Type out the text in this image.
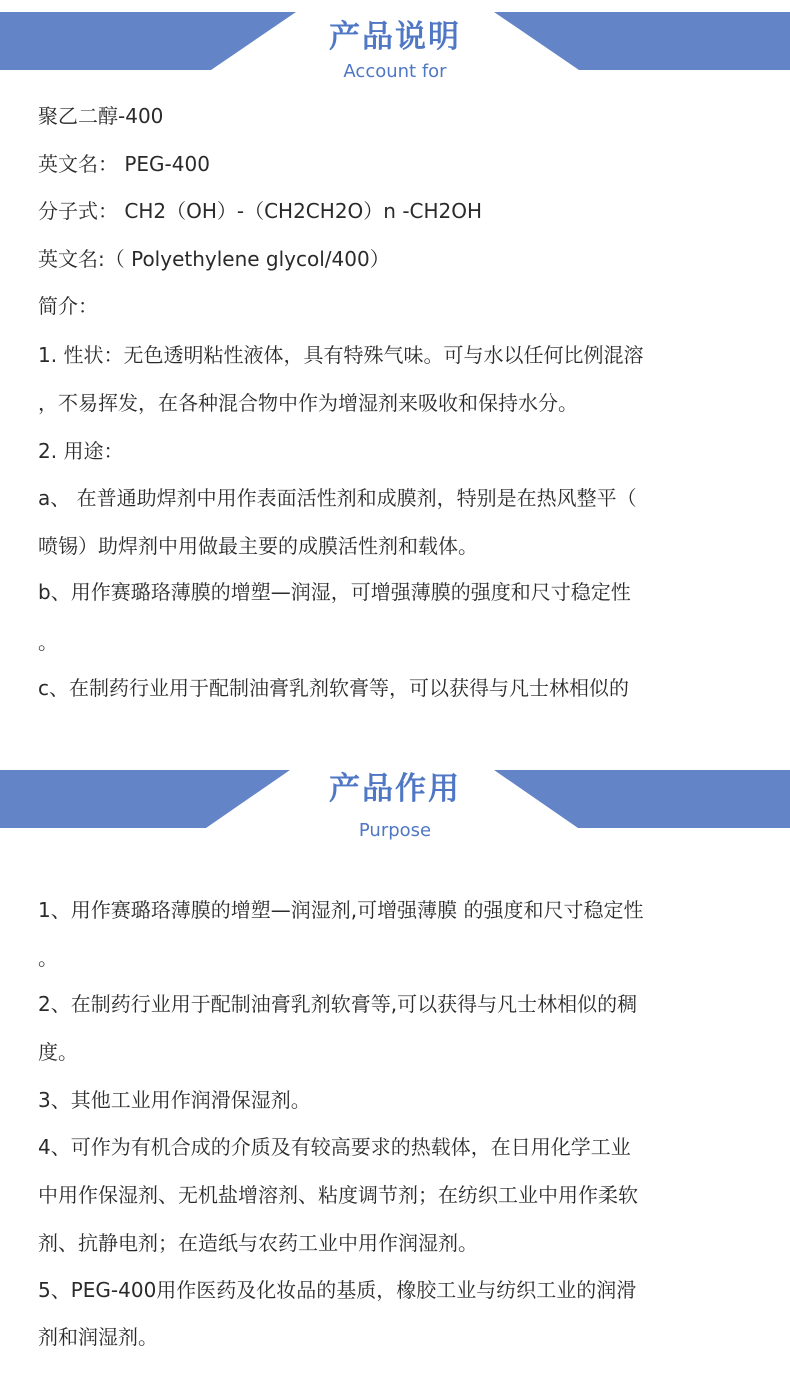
产品说明
Account for
聚乙二醇-400
英文名： PEG-400
分子式： CH2（OH）-（CH2CH2O）n -CH2OH
英文名:（ Polyethylene glycol/400）
简介：
1. 性状：无色透明粘性液体，具有特殊气味。可与水以任何比例混溶
，不易挥发，在各种混合物中作为增湿剂来吸收和保持水分。
2. 用途：
a、 在普通助焊剂中用作表面活性剂和成膜剂，特别是在热风整平（
喷锡）助焊剂中用做最主要的成膜活性剂和载体。
b、用作赛璐珞薄膜的增塑—润湿，可增强薄膜的强度和尺寸稳定性
。
c、在制药行业用于配制油膏乳剂软膏等，可以获得与凡士林相似的
产品作用
Purpose
1、用作赛璐珞薄膜的增塑—润湿剂,可增强薄膜 的强度和尺寸稳定性
。
2、在制药行业用于配制油膏乳剂软膏等,可以获得与凡士林相似的稠
度。
3、其他工业用作润滑保湿剂。
4、可作为有机合成的介质及有较高要求的热载体，在日用化学工业
中用作保湿剂、无机盐增溶剂、粘度调节剂；在纺织工业中用作柔软
剂、抗静电剂；在造纸与农药工业中用作润湿剂。
5、PEG-400用作医药及化妆品的基质，橡胶工业与纺织工业的润滑
剂和润湿剂。
